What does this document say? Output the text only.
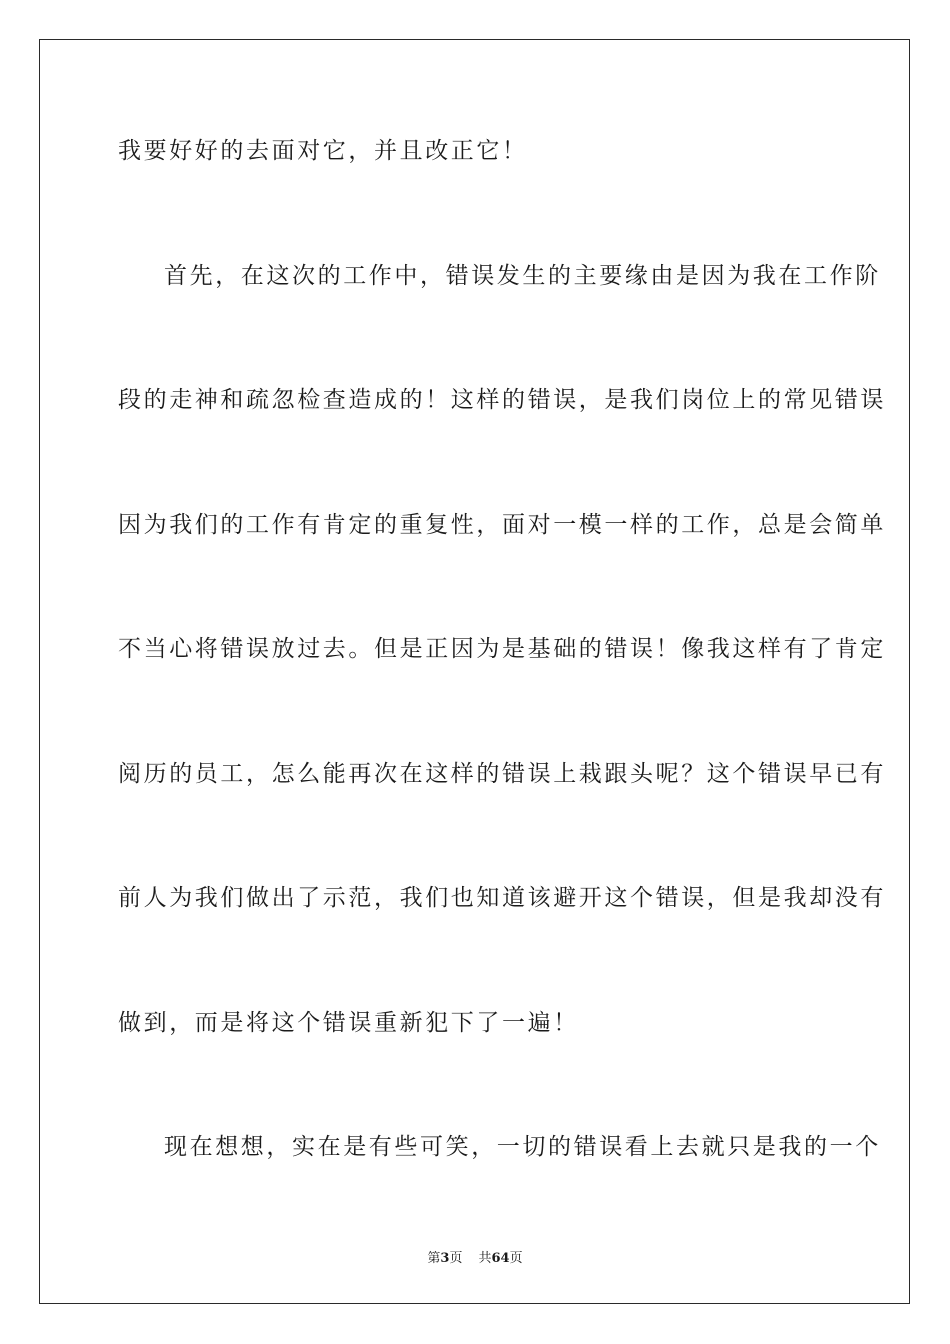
我要好好的去面对它，并且改正它！

首先，在这次的工作中，错误发生的主要缘由是因为我在工作阶

段的走神和疏忽检查造成的！这样的错误，是我们岗位上的常见错误

因为我们的工作有肯定的重复性，面对一模一样的工作，总是会简单

不当心将错误放过去。但是正因为是基础的错误！像我这样有了肯定

阅历的员工，怎么能再次在这样的错误上栽跟头呢？这个错误早已有

前人为我们做出了示范，我们也知道该避开这个错误，但是我却没有

做到，而是将这个错误重新犯下了一遍！

现在想想，实在是有些可笑，一切的错误看上去就只是我的一个

第3页 共64页
